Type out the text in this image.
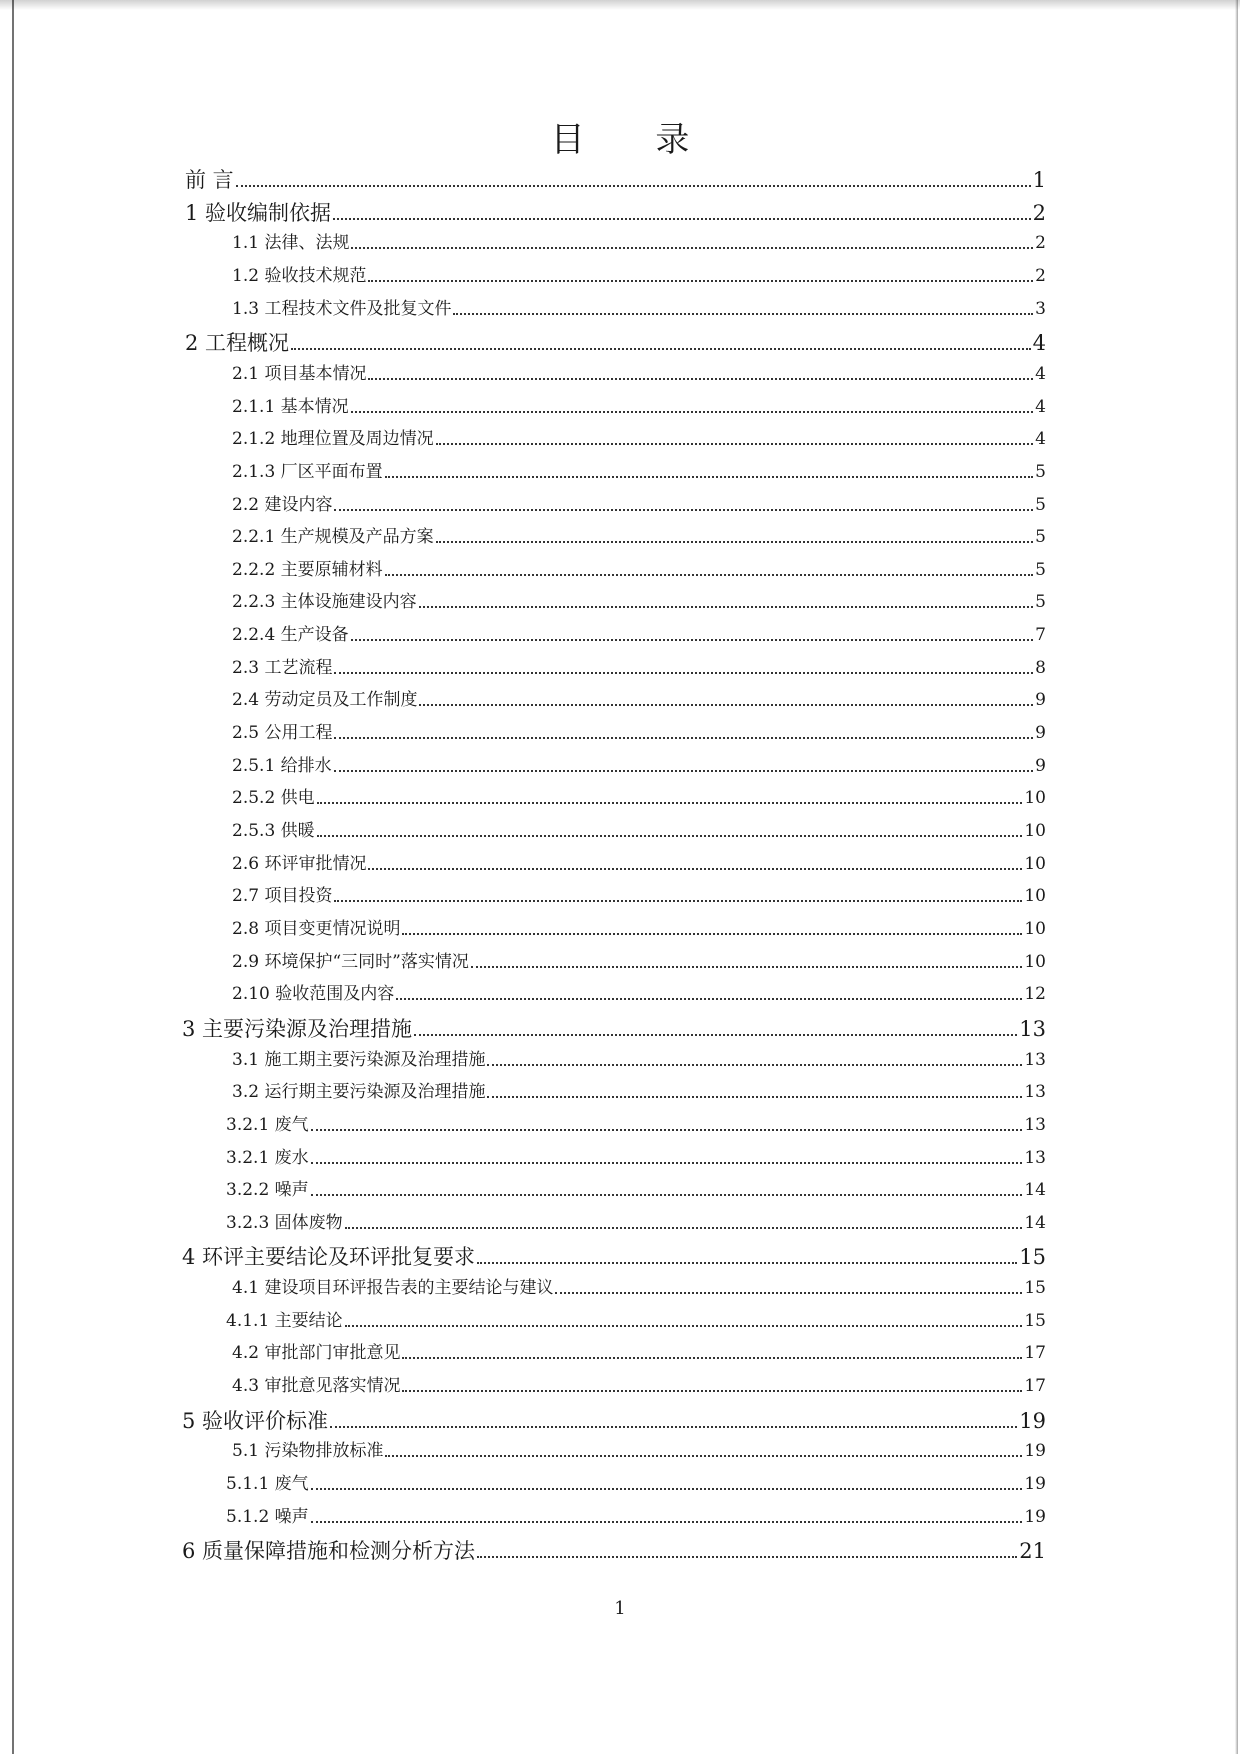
目 录
前 言	1
1 验收编制依据	2
1.1 法律、法规	2
1.2 验收技术规范	2
1.3 工程技术文件及批复文件	3
2 工程概况	4
2.1 项目基本情况	4
2.1.1 基本情况	4
2.1.2 地理位置及周边情况	4
2.1.3 厂区平面布置	5
2.2 建设内容	5
2.2.1 生产规模及产品方案	5
2.2.2 主要原辅材料	5
2.2.3 主体设施建设内容	5
2.2.4 生产设备	7
2.3 工艺流程	8
2.4 劳动定员及工作制度	9
2.5 公用工程	9
2.5.1 给排水	9
2.5.2 供电	10
2.5.3 供暖	10
2.6 环评审批情况	10
2.7 项目投资	10
2.8 项目变更情况说明	10
2.9 环境保护“三同时”落实情况	10
2.10 验收范围及内容	12
3 主要污染源及治理措施	13
3.1 施工期主要污染源及治理措施	13
3.2 运行期主要污染源及治理措施	13
3.2.1 废气	13
3.2.1 废水	13
3.2.2 噪声	14
3.2.3 固体废物	14
4 环评主要结论及环评批复要求	15
4.1 建设项目环评报告表的主要结论与建议	15
4.1.1 主要结论	15
4.2 审批部门审批意见	17
4.3 审批意见落实情况	17
5 验收评价标准	19
5.1 污染物排放标准	19
5.1.1 废气	19
5.1.2 噪声	19
6 质量保障措施和检测分析方法	21
1
